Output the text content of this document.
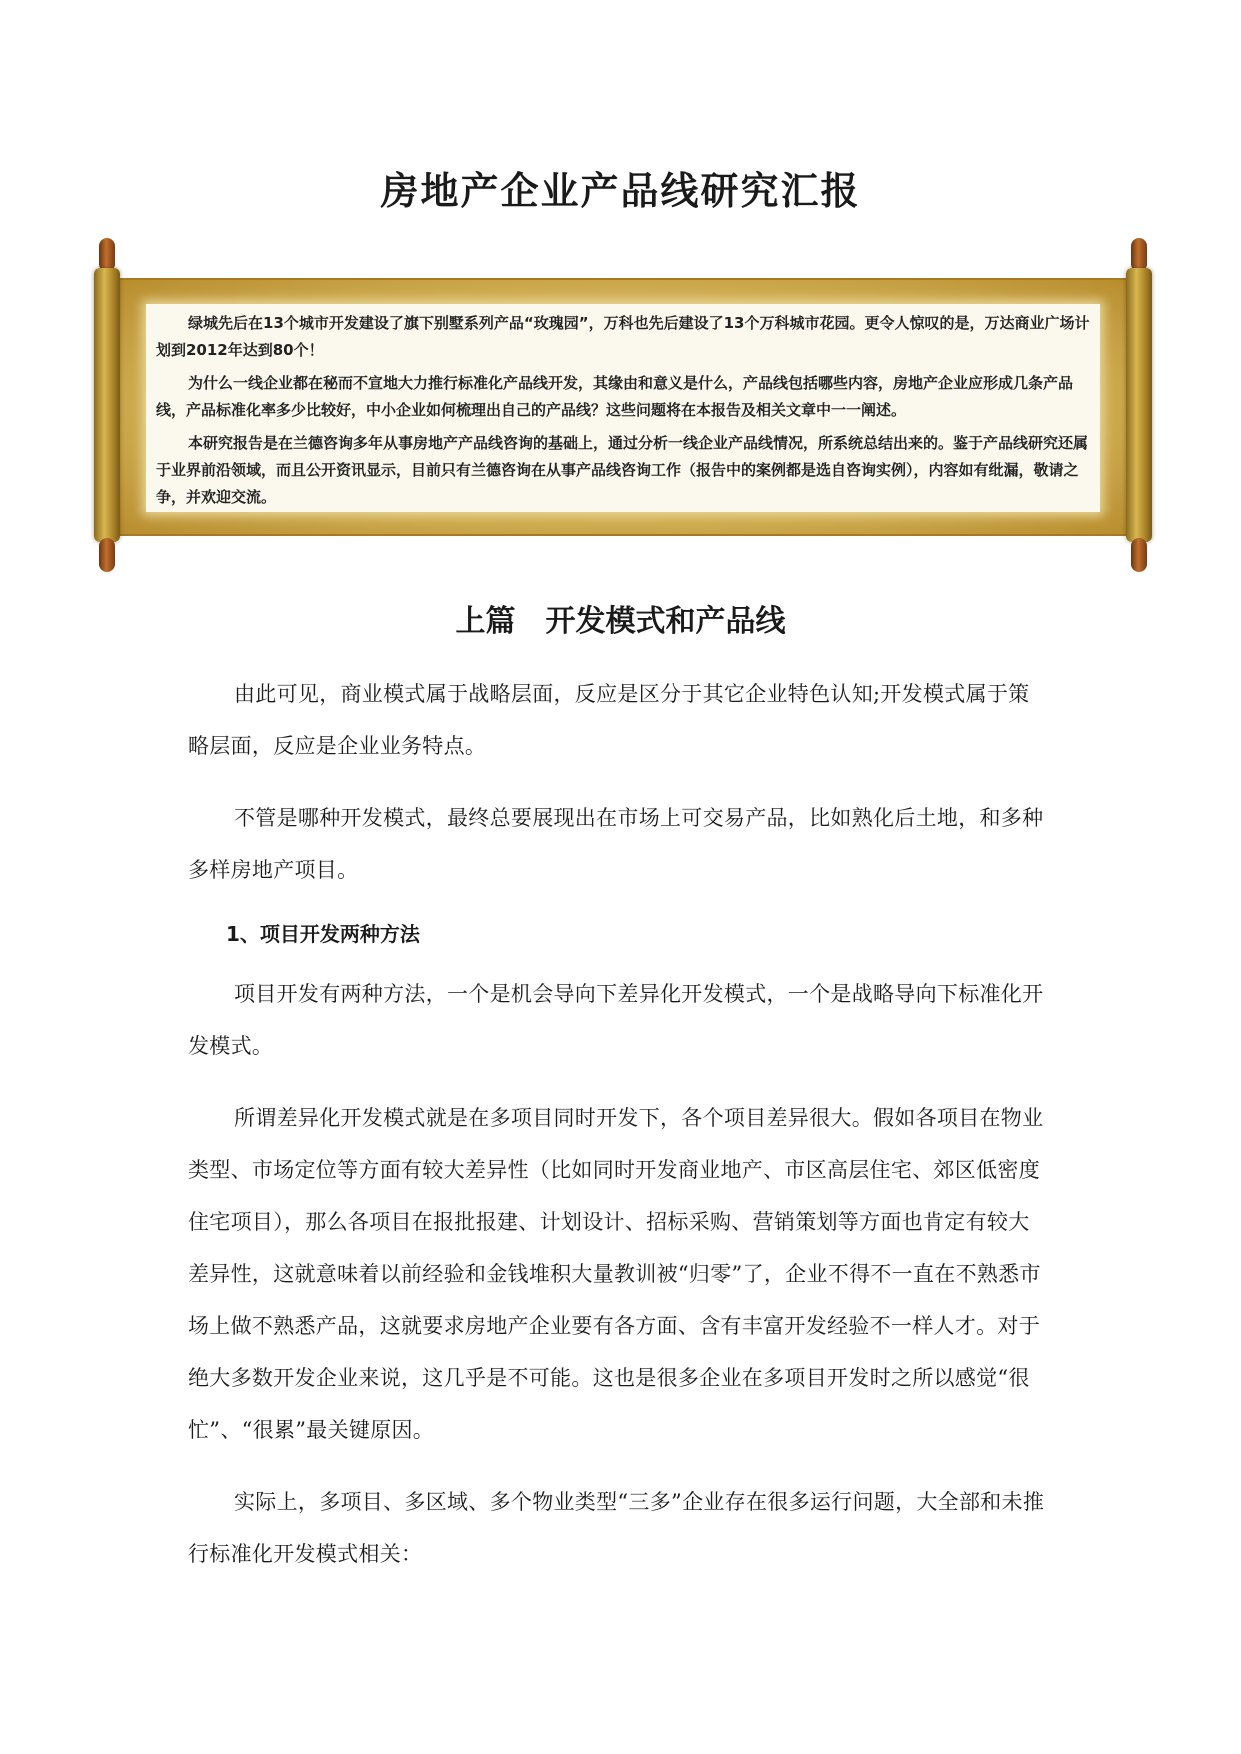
房地产企业产品线研究汇报

绿城先后在13个城市开发建设了旗下别墅系列产品“玫瑰园”，万科也先后建设了13个万科城市花园。更令人惊叹的是，万达商业广场计划到2012年达到80个！

为什么一线企业都在秘而不宣地大力推行标准化产品线开发，其缘由和意义是什么，产品线包括哪些内容，房地产企业应形成几条产品线，产品标准化率多少比较好，中小企业如何梳理出自己的产品线？这些问题将在本报告及相关文章中一一阐述。

本研究报告是在兰德咨询多年从事房地产产品线咨询的基础上，通过分析一线企业产品线情况，所系统总结出来的。鉴于产品线研究还属于业界前沿领域，而且公开资讯显示，目前只有兰德咨询在从事产品线咨询工作（报告中的案例都是选自咨询实例），内容如有纰漏，敬请之争，并欢迎交流。

上篇　开发模式和产品线

由此可见，商业模式属于战略层面，反应是区分于其它企业特色认知;开发模式属于策略层面，反应是企业业务特点。

不管是哪种开发模式，最终总要展现出在市场上可交易产品，比如熟化后土地，和多种多样房地产项目。

1、项目开发两种方法

项目开发有两种方法，一个是机会导向下差异化开发模式，一个是战略导向下标准化开发模式。

所谓差异化开发模式就是在多项目同时开发下，各个项目差异很大。假如各项目在物业类型、市场定位等方面有较大差异性（比如同时开发商业地产、市区高层住宅、郊区低密度住宅项目），那么各项目在报批报建、计划设计、招标采购、营销策划等方面也肯定有较大差异性，这就意味着以前经验和金钱堆积大量教训被“归零”了，企业不得不一直在不熟悉市场上做不熟悉产品，这就要求房地产企业要有各方面、含有丰富开发经验不一样人才。对于绝大多数开发企业来说，这几乎是不可能。这也是很多企业在多项目开发时之所以感觉“很忙”、“很累”最关键原因。

实际上，多项目、多区域、多个物业类型“三多”企业存在很多运行问题，大全部和未推行标准化开发模式相关：
